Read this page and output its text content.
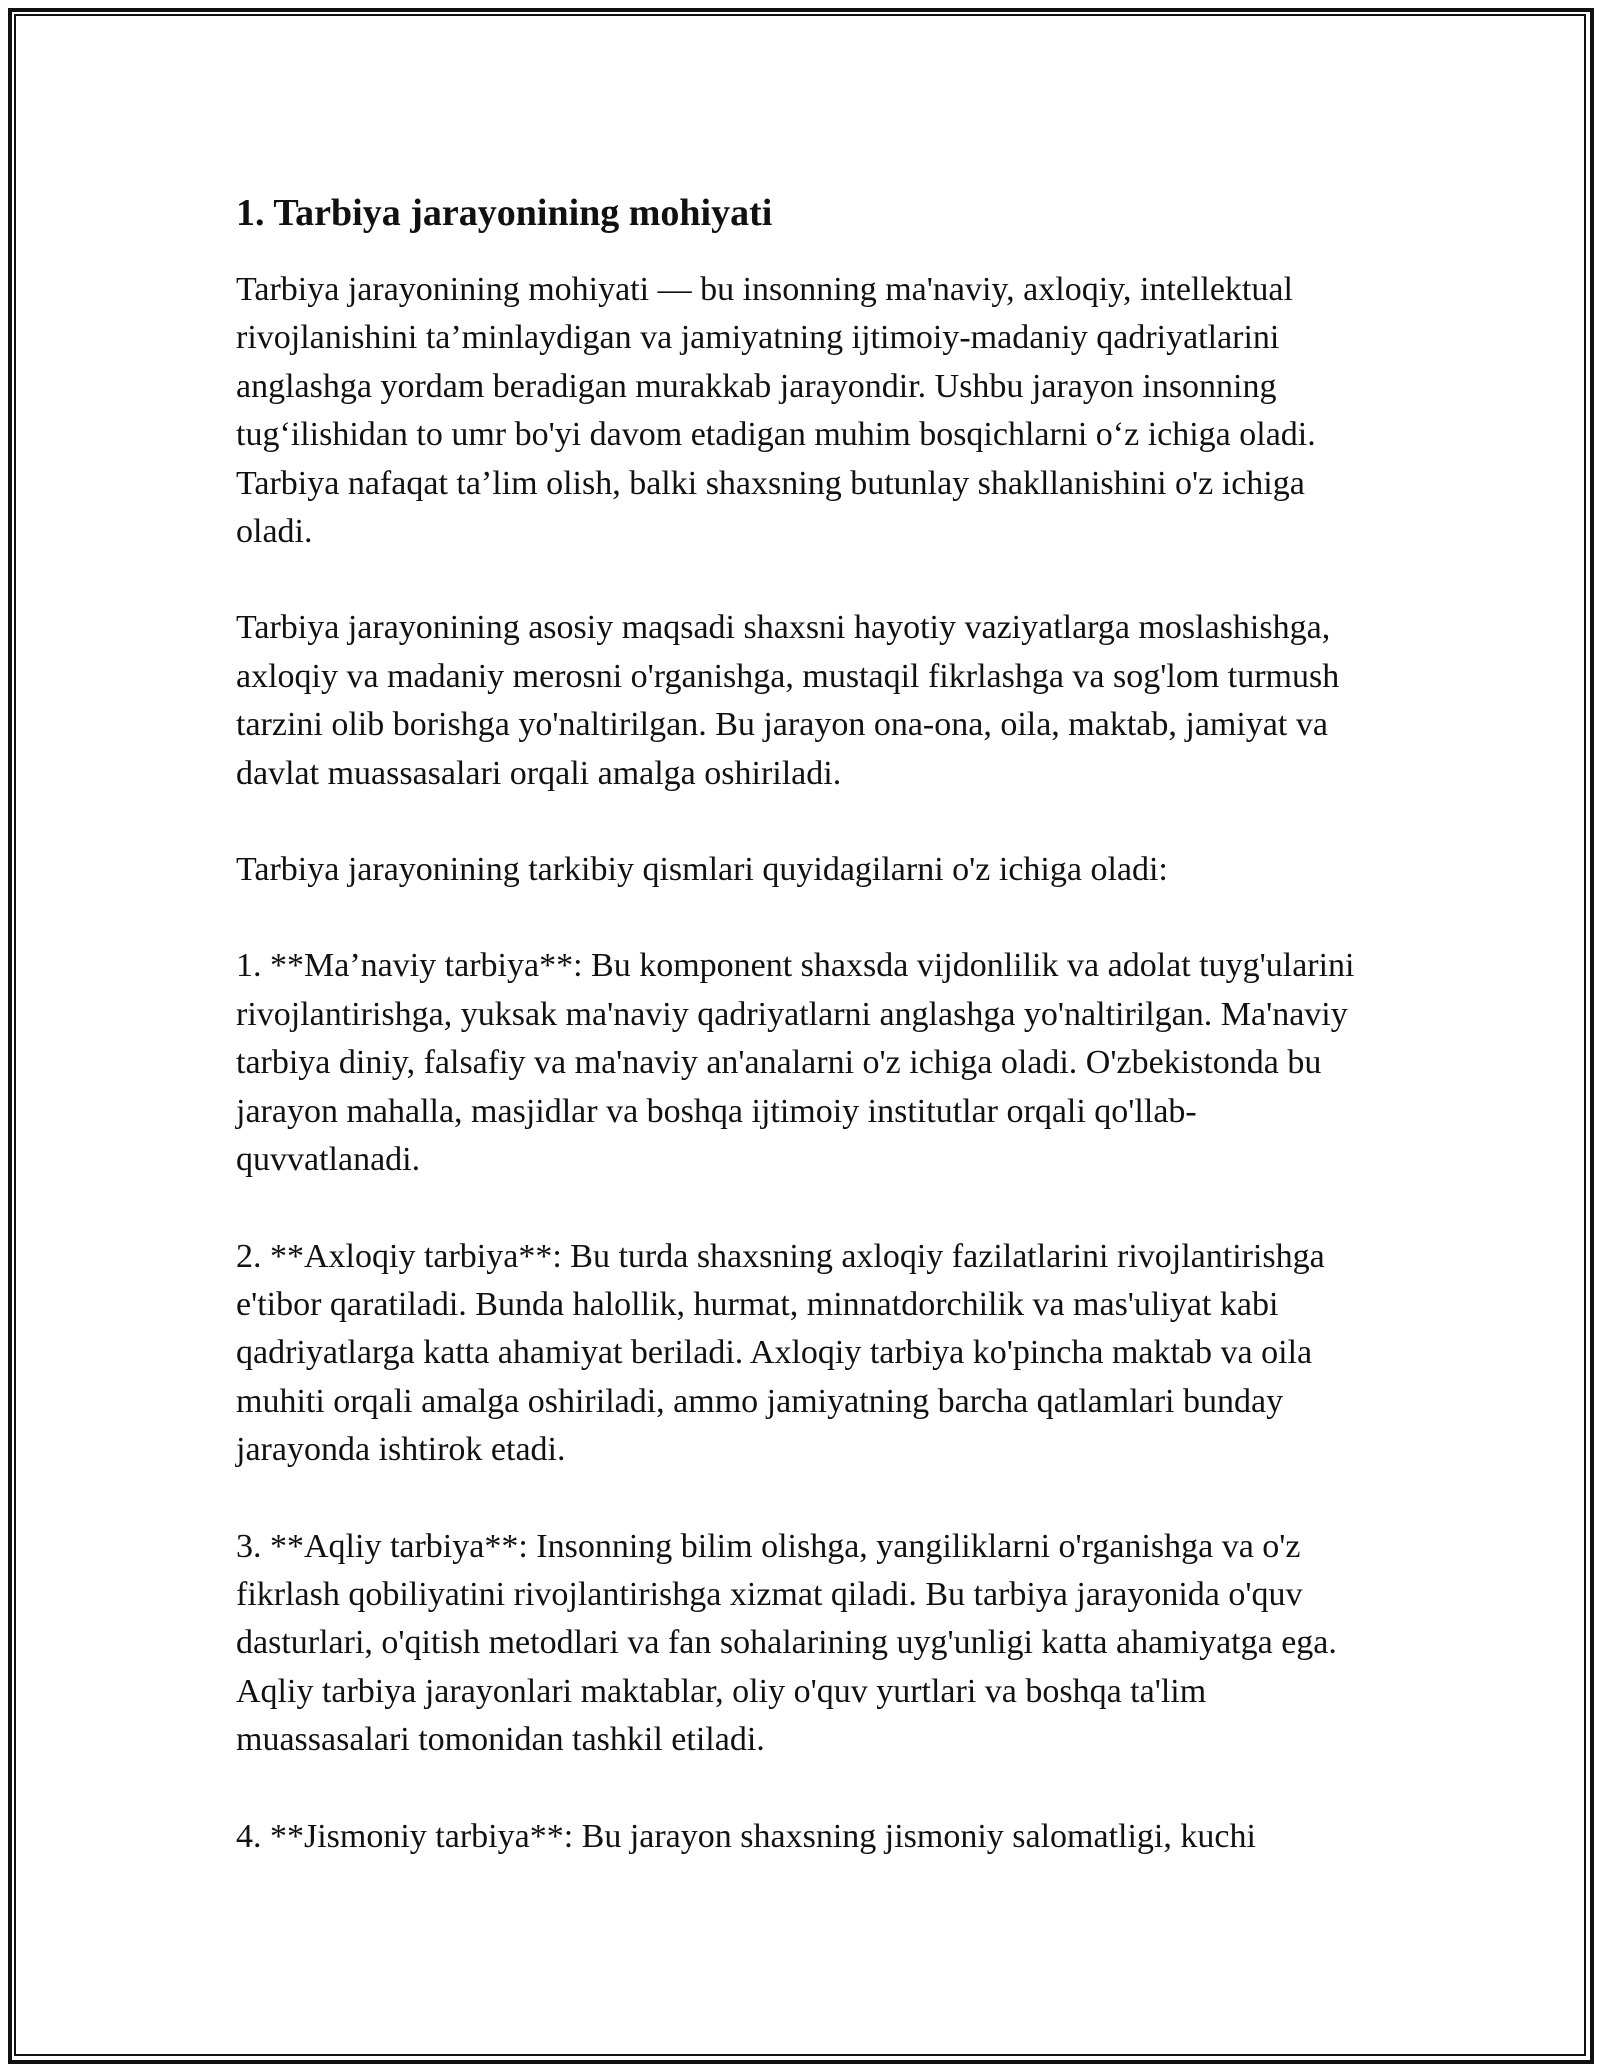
1. Tarbiya jarayonining mohiyati

Tarbiya jarayonining mohiyati — bu insonning ma'naviy, axloqiy, intellektual rivojlanishini ta’minlaydigan va jamiyatning ijtimoiy-madaniy qadriyatlarini anglashga yordam beradigan murakkab jarayondir. Ushbu jarayon insonning tug‘ilishidan to umr bo'yi davom etadigan muhim bosqichlarni o‘z ichiga oladi. Tarbiya nafaqat ta’lim olish, balki shaxsning butunlay shakllanishini o'z ichiga oladi.

Tarbiya jarayonining asosiy maqsadi shaxsni hayotiy vaziyatlarga moslashishga, axloqiy va madaniy merosni o'rganishga, mustaqil fikrlashga va sog'lom turmush tarzini olib borishga yo'naltirilgan. Bu jarayon ona-ona, oila, maktab, jamiyat va davlat muassasalari orqali amalga oshiriladi.

Tarbiya jarayonining tarkibiy qismlari quyidagilarni o'z ichiga oladi:

1. **Ma’naviy tarbiya**: Bu komponent shaxsda vijdonlilik va adolat tuyg'ularini rivojlantirishga, yuksak ma'naviy qadriyatlarni anglashga yo'naltirilgan. Ma'naviy tarbiya diniy, falsafiy va ma'naviy an'analarni o'z ichiga oladi. O'zbekistonda bu jarayon mahalla, masjidlar va boshqa ijtimoiy institutlar orqali qo'llab-quvvatlanadi.

2. **Axloqiy tarbiya**: Bu turda shaxsning axloqiy fazilatlarini rivojlantirishga e'tibor qaratiladi. Bunda halollik, hurmat, minnatdorchilik va mas'uliyat kabi qadriyatlarga katta ahamiyat beriladi. Axloqiy tarbiya ko'pincha maktab va oila muhiti orqali amalga oshiriladi, ammo jamiyatning barcha qatlamlari bunday jarayonda ishtirok etadi.

3. **Aqliy tarbiya**: Insonning bilim olishga, yangiliklarni o'rganishga va o'z fikrlash qobiliyatini rivojlantirishga xizmat qiladi. Bu tarbiya jarayonida o'quv dasturlari, o'qitish metodlari va fan sohalarining uyg'unligi katta ahamiyatga ega. Aqliy tarbiya jarayonlari maktablar, oliy o'quv yurtlari va boshqa ta'lim muassasalari tomonidan tashkil etiladi.

4. **Jismoniy tarbiya**: Bu jarayon shaxsning jismoniy salomatligi, kuchi
